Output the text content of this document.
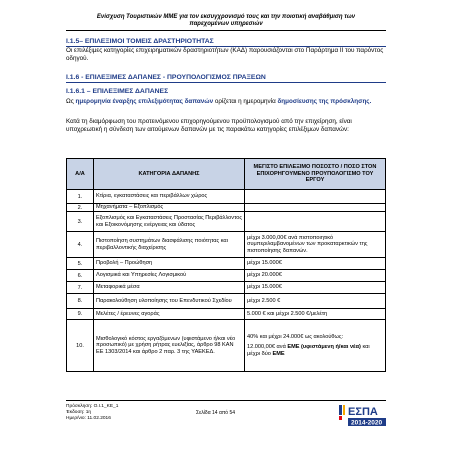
Ενίσχυση Τουριστικών ΜΜΕ για τον εκσυγχρονισμό τους και την ποιοτική αναβάθμιση των
παρεχομένων υπηρεσιών
I.1.5– ΕΠΙΛΕΞΙΜΟΙ ΤΟΜΕΙΣ ΔΡΑΣΤΗΡΙΟΤΗΤΑΣ
Οι επιλέξιμες κατηγορίες επιχειρηματικών δραστηριοτήτων (ΚΑΔ) παρουσιάζονται στο Παράρτημα ΙΙ του παρόντος οδηγού.
I.1.6 - ΕΠΙΛΕΞΙΜΕΣ ΔΑΠΑΝΕΣ - ΠΡΟΥΠΟΛΟΓΙΣΜΟΣ ΠΡΑΞΕΩΝ
I.1.6.1 – ΕΠΙΛΕΞΙΜΕΣ ΔΑΠΑΝΕΣ
Ως ημερομηνία έναρξης επιλεξιμότητας δαπανών ορίζεται η ημερομηνία δημοσίευσης της πρόσκλησης.
Κατά τη διαμόρφωση του προτεινόμενου επιχορηγούμενου προϋπολογισμού από την επιχείρηση, είναι υποχρεωτική η σύνδεση των αιτούμενων δαπανών με τις παρακάτω κατηγορίες επιλέξιμων δαπανών:
Α/Α	ΚΑΤΗΓΟΡΙΑ ΔΑΠΑΝΗΣ	ΜΕΓΙΣΤΟ ΕΠΙΛΕΞΙΜΟ ΠΟΣΟΣΤΟ / ΠΟΣΟ ΣΤΟΝ ΕΠΙΧΟΡΗΓΟΥΜΕΝΟ ΠΡΟΥΠΟΛΟΓΙΣΜΟ ΤΟΥ ΕΡΓΟΥ
1.	Κτίρια, εγκαταστάσεις και περιβάλλων χώρος	
2.	Μηχανήματα – Εξοπλισμός	
3.	Εξοπλισμός και Εγκαταστάσεις Προστασίας Περιβάλλοντος και Εξοικονόμησης ενέργειας και ύδατος	
4.	Πιστοποίηση συστημάτων διασφάλισης ποιότητας και περιβαλλοντικής διαχείρισης	μέχρι 3.000,00€ ανά πιστοποιητικό συμπεριλαμβανομένων των προκαταρκτικών της πιστοποίησης δαπανών.
5.	Προβολή – Προώθηση	μέχρι 15.000€
6.	Λογισμικά και Υπηρεσίες Λογισμικού	μέχρι 20.000€
7.	Μεταφορικά μέσα	μέχρι 15.000€
8.	Παρακολούθηση υλοποίησης του Επενδυτικού Σχεδίου	μέχρι 2.500 €
9.	Μελέτες / έρευνες αγοράς	5.000 € και μέχρι 2.500 €/μελέτη
10.	Μισθολογικό κόστος εργαζόμενων (υφιστάμενο ή/και νέο προσωπικό) με χρήση ρήτρας ευελιξίας, άρθρο 98 ΚΑΝ ΕΕ 1303/2014 και άρθρο 2 παρ. 3 της ΥΑΕΚΕΔ.	40% και μέχρι 24.000€ ως ακολούθως:
12.000,00€ ανά ΕΜΕ (υφιστάμενη ή/και νέα) και μέχρι δύο ΕΜΕ
Πρόσκληση: Ο.Ι.1_ΚΕ_1
Έκδοση: 1η
Ημερ/νιο: 11.02.2016
Σελίδα 14 από 54	ΕΣΠΑ
2014-2020
